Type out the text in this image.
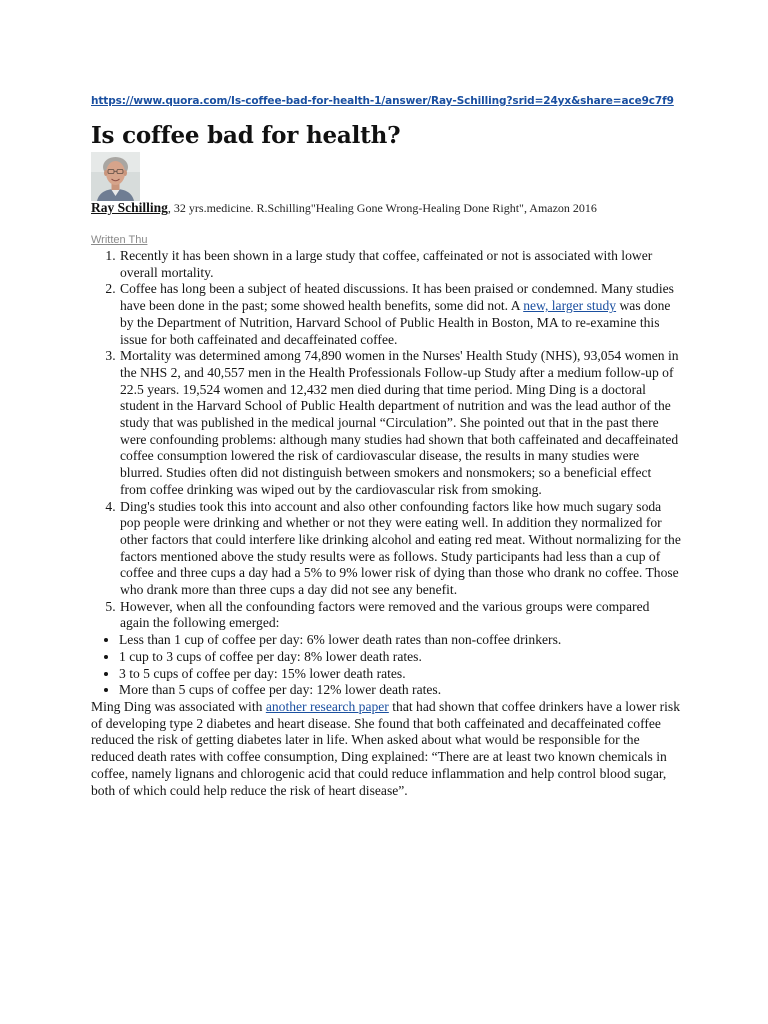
https://www.quora.com/Is-coffee-bad-for-health-1/answer/Ray-Schilling?srid=24yx&share=ace9c7f9
Is coffee bad for health?
Ray Schilling, 32 yrs.medicine. R.Schilling"Healing Gone Wrong-Healing Done Right", Amazon 2016
Written Thu
1. Recently it has been shown in a large study that coffee, caffeinated or not is associated with lower overall mortality.
2. Coffee has long been a subject of heated discussions. It has been praised or condemned. Many studies have been done in the past; some showed health benefits, some did not. A new, larger study was done by the Department of Nutrition, Harvard School of Public Health in Boston, MA to re-examine this issue for both caffeinated and decaffeinated coffee.
3. Mortality was determined among 74,890 women in the Nurses' Health Study (NHS), 93,054 women in the NHS 2, and 40,557 men in the Health Professionals Follow-up Study after a medium follow-up of 22.5 years. 19,524 women and 12,432 men died during that time period. Ming Ding is a doctoral student in the Harvard School of Public Health department of nutrition and was the lead author of the study that was published in the medical journal “Circulation”. She pointed out that in the past there were confounding problems: although many studies had shown that both caffeinated and decaffeinated coffee consumption lowered the risk of cardiovascular disease, the results in many studies were blurred. Studies often did not distinguish between smokers and nonsmokers; so a beneficial effect from coffee drinking was wiped out by the cardiovascular risk from smoking.
4. Ding's studies took this into account and also other confounding factors like how much sugary soda pop people were drinking and whether or not they were eating well. In addition they normalized for other factors that could interfere like drinking alcohol and eating red meat. Without normalizing for the factors mentioned above the study results were as follows. Study participants had less than a cup of coffee and three cups a day had a 5% to 9% lower risk of dying than those who drank no coffee. Those who drank more than three cups a day did not see any benefit.
5. However, when all the confounding factors were removed and the various groups were compared again the following emerged:
• Less than 1 cup of coffee per day: 6% lower death rates than non-coffee drinkers.
• 1 cup to 3 cups of coffee per day: 8% lower death rates.
• 3 to 5 cups of coffee per day: 15% lower death rates.
• More than 5 cups of coffee per day: 12% lower death rates.

Ming Ding was associated with another research paper that had shown that coffee drinkers have a lower risk of developing type 2 diabetes and heart disease. She found that both caffeinated and decaffeinated coffee reduced the risk of getting diabetes later in life. When asked about what would be responsible for the reduced death rates with coffee consumption, Ding explained: “There are at least two known chemicals in coffee, namely lignans and chlorogenic acid that could reduce inflammation and help control blood sugar, both of which could help reduce the risk of heart disease”.
